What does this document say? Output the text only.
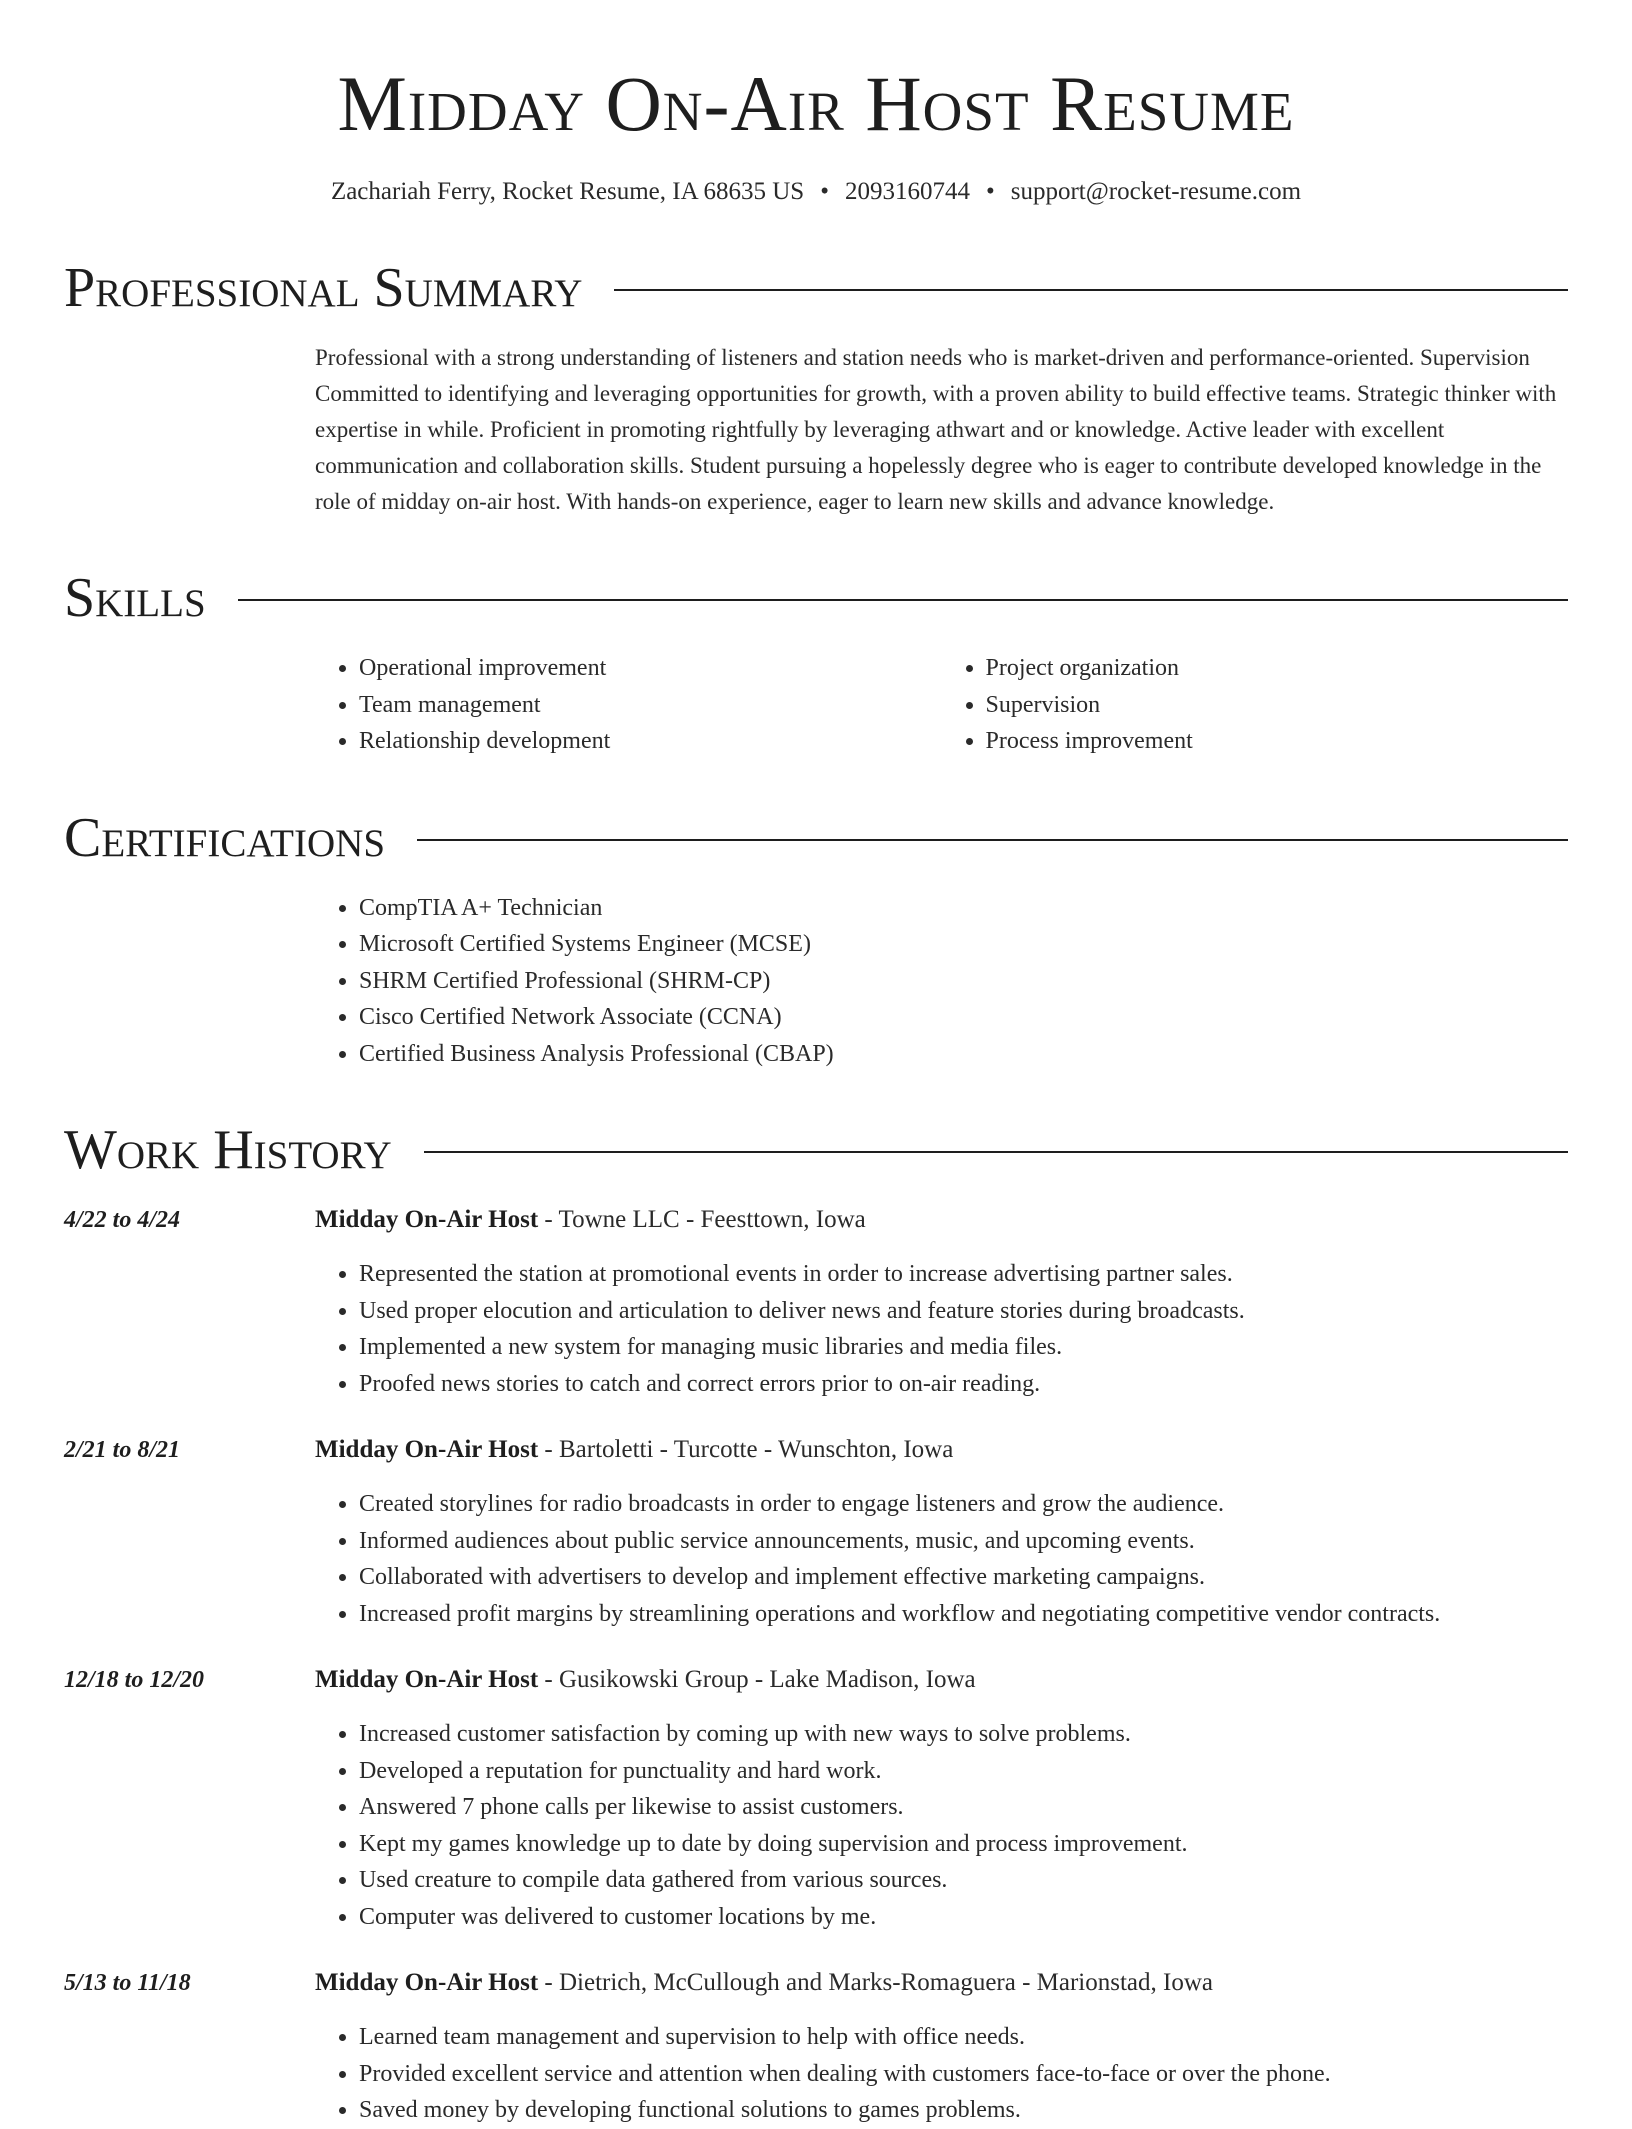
Midday On-Air Host Resume
Zachariah Ferry, Rocket Resume, IA 68635 US • 2093160744 • support@rocket-resume.com
Professional Summary
Professional with a strong understanding of listeners and station needs who is market-driven and performance-oriented. Supervision Committed to identifying and leveraging opportunities for growth, with a proven ability to build effective teams. Strategic thinker with expertise in while. Proficient in promoting rightfully by leveraging athwart and or knowledge. Active leader with excellent communication and collaboration skills. Student pursuing a hopelessly degree who is eager to contribute developed knowledge in the role of midday on-air host. With hands-on experience, eager to learn new skills and advance knowledge.
Skills
• Operational improvement
• Team management
• Relationship development
• Project organization
• Supervision
• Process improvement
Certifications
• CompTIA A+ Technician
• Microsoft Certified Systems Engineer (MCSE)
• SHRM Certified Professional (SHRM-CP)
• Cisco Certified Network Associate (CCNA)
• Certified Business Analysis Professional (CBAP)
Work History
4/22 to 4/24	Midday On-Air Host - Towne LLC - Feesttown, Iowa
• Represented the station at promotional events in order to increase advertising partner sales.
• Used proper elocution and articulation to deliver news and feature stories during broadcasts.
• Implemented a new system for managing music libraries and media files.
• Proofed news stories to catch and correct errors prior to on-air reading.
2/21 to 8/21	Midday On-Air Host - Bartoletti - Turcotte - Wunschton, Iowa
• Created storylines for radio broadcasts in order to engage listeners and grow the audience.
• Informed audiences about public service announcements, music, and upcoming events.
• Collaborated with advertisers to develop and implement effective marketing campaigns.
• Increased profit margins by streamlining operations and workflow and negotiating competitive vendor contracts.
12/18 to 12/20	Midday On-Air Host - Gusikowski Group - Lake Madison, Iowa
• Increased customer satisfaction by coming up with new ways to solve problems.
• Developed a reputation for punctuality and hard work.
• Answered 7 phone calls per likewise to assist customers.
• Kept my games knowledge up to date by doing supervision and process improvement.
• Used creature to compile data gathered from various sources.
• Computer was delivered to customer locations by me.
5/13 to 11/18	Midday On-Air Host - Dietrich, McCullough and Marks-Romaguera - Marionstad, Iowa
• Learned team management and supervision to help with office needs.
• Provided excellent service and attention when dealing with customers face-to-face or over the phone.
• Saved money by developing functional solutions to games problems.
